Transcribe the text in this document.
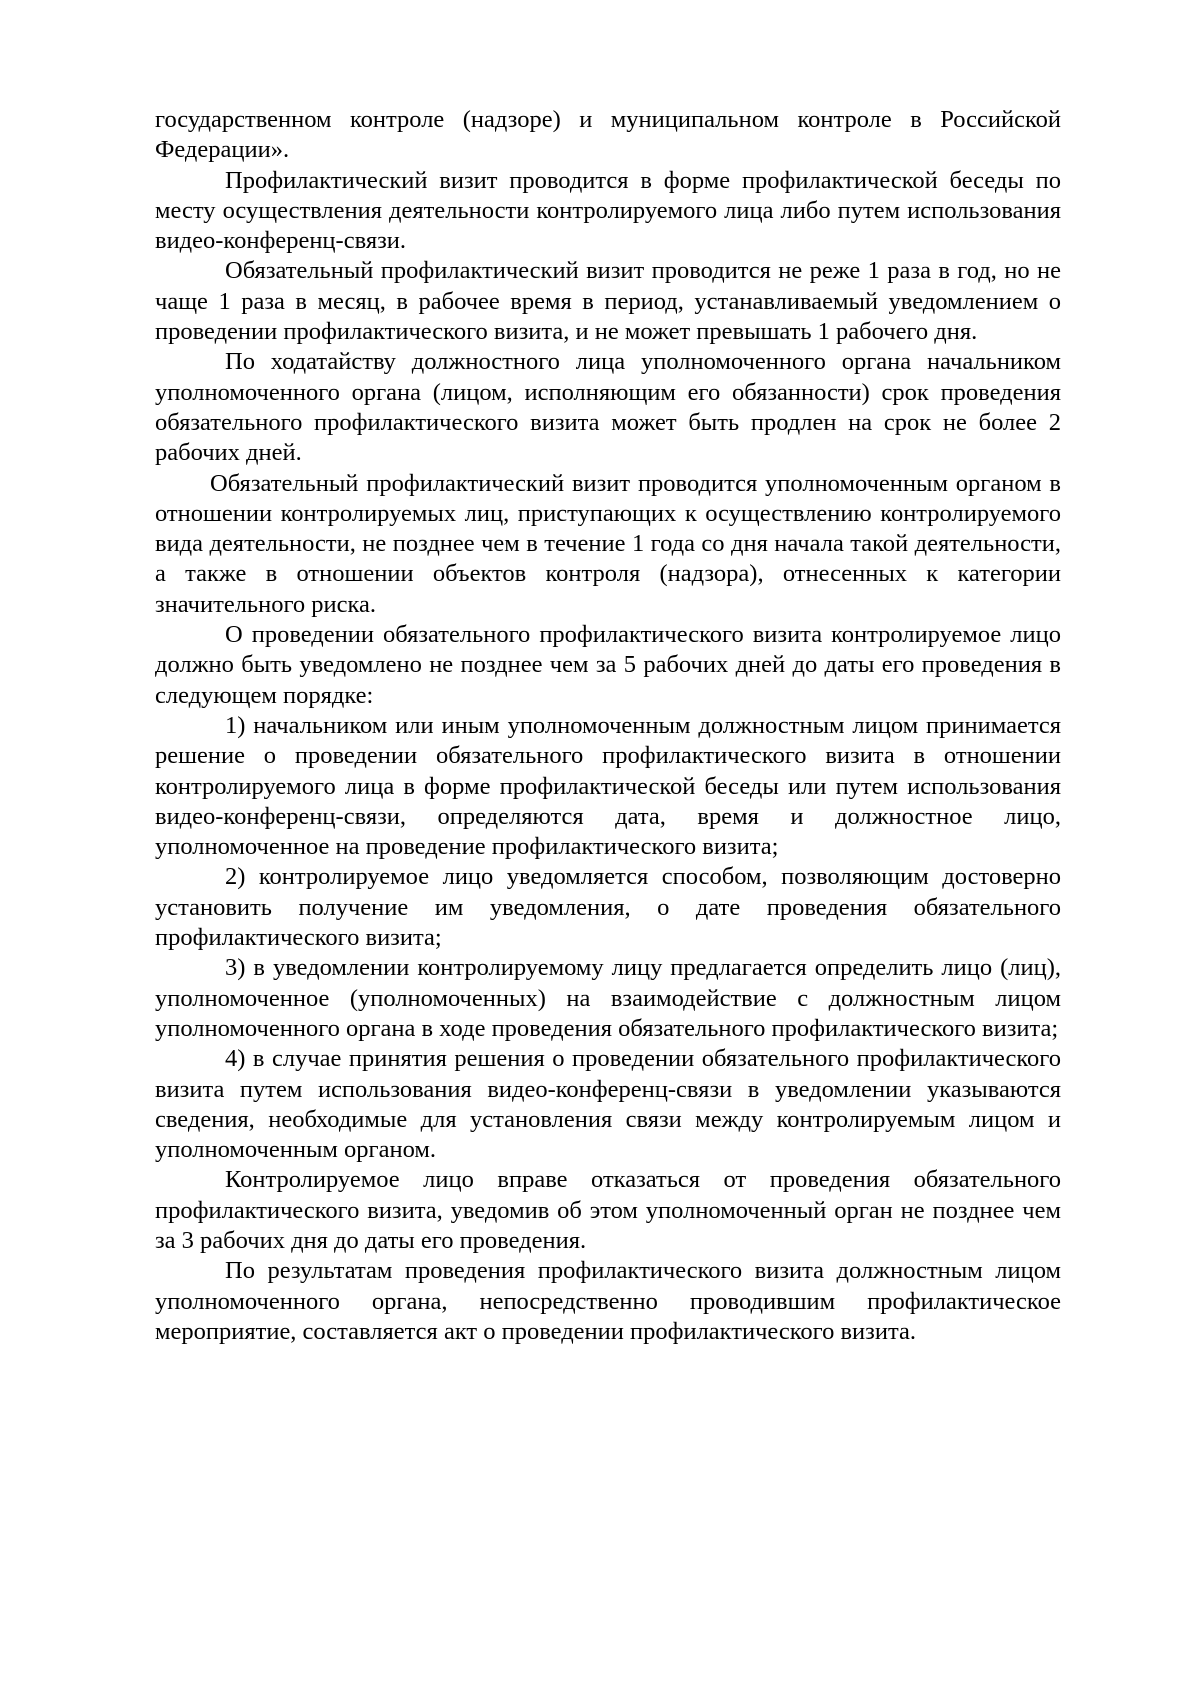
государственном контроле (надзоре) и муниципальном контроле в Российской Федерации».

Профилактический визит проводится в форме профилактической беседы по месту осуществления деятельности контролируемого лица либо путем использования видео-конференц-связи.

Обязательный профилактический визит проводится не реже 1 раза в год, но не чаще 1 раза в месяц, в рабочее время в период, устанавливаемый уведомлением о проведении профилактического визита, и не может превышать 1 рабочего дня.

По ходатайству должностного лица уполномоченного органа начальником уполномоченного органа (лицом, исполняющим его обязанности) срок проведения обязательного профилактического визита может быть продлен на срок не более 2 рабочих дней.

Обязательный профилактический визит проводится уполномоченным органом в отношении контролируемых лиц, приступающих к осуществлению контролируемого вида деятельности, не позднее чем в течение 1 года со дня начала такой деятельности, а также в отношении объектов контроля (надзора), отнесенных к категории значительного риска.

О проведении обязательного профилактического визита контролируемое лицо должно быть уведомлено не позднее чем за 5 рабочих дней до даты его проведения в следующем порядке:

1) начальником или иным уполномоченным должностным лицом принимается решение о проведении обязательного профилактического визита в отношении контролируемого лица в форме профилактической беседы или путем использования видео-конференц-связи, определяются дата, время и должностное лицо, уполномоченное на проведение профилактического визита;

2) контролируемое лицо уведомляется способом, позволяющим достоверно установить получение им уведомления, о дате проведения обязательного профилактического визита;

3) в уведомлении контролируемому лицу предлагается определить лицо (лиц), уполномоченное (уполномоченных) на взаимодействие с должностным лицом уполномоченного органа в ходе проведения обязательного профилактического визита;

4) в случае принятия решения о проведении обязательного профилактического визита путем использования видео-конференц-связи в уведомлении указываются сведения, необходимые для установления связи между контролируемым лицом и уполномоченным органом.

Контролируемое лицо вправе отказаться от проведения обязательного профилактического визита, уведомив об этом уполномоченный орган не позднее чем за 3 рабочих дня до даты его проведения.

По результатам проведения профилактического визита должностным лицом уполномоченного органа, непосредственно проводившим профилактическое мероприятие, составляется акт о проведении профилактического визита.
